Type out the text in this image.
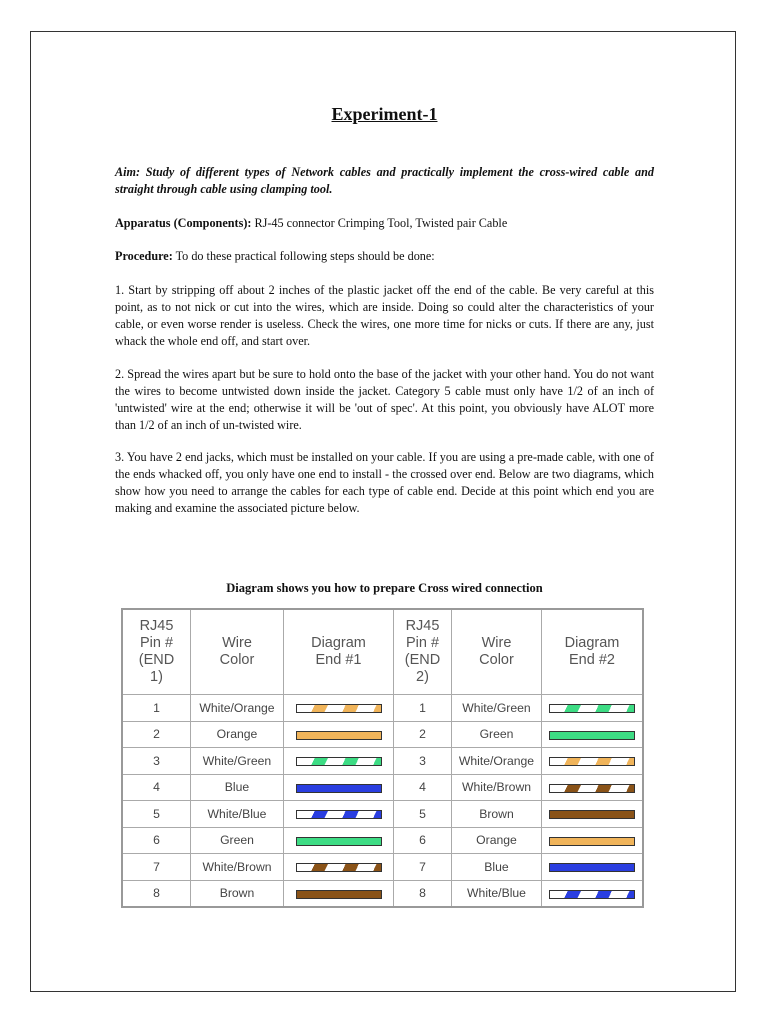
Experiment-1

Aim: Study of different types of Network cables and practically implement the cross-wired cable and straight through cable using clamping tool.

Apparatus (Components): RJ-45 connector Crimping Tool, Twisted pair Cable

Procedure: To do these practical following steps should be done:

1. Start by stripping off about 2 inches of the plastic jacket off the end of the cable. Be very careful at this point, as to not nick or cut into the wires, which are inside. Doing so could alter the characteristics of your cable, or even worse render is useless. Check the wires, one more time for nicks or cuts. If there are any, just whack the whole end off, and start over.

2. Spread the wires apart but be sure to hold onto the base of the jacket with your other hand. You do not want the wires to become untwisted down inside the jacket. Category 5 cable must only have 1/2 of an inch of 'untwisted' wire at the end; otherwise it will be 'out of spec'. At this point, you obviously have ALOT more than 1/2 of an inch of un-twisted wire.

3. You have 2 end jacks, which must be installed on your cable. If you are using a pre-made cable, with one of the ends whacked off, you only have one end to install - the crossed over end. Below are two diagrams, which show how you need to arrange the cables for each type of cable end. Decide at this point which end you are making and examine the associated picture below.

Diagram shows you how to prepare Cross wired connection
RJ45
Pin #
(END
1)	Wire
Color	Diagram
End #1	RJ45
Pin #
(END
2)	Wire
Color	Diagram
End #2
1	White/Orange		1	White/Green	
2	Orange		2	Green	
3	White/Green		3	White/Orange	
4	Blue		4	White/Brown	
5	White/Blue		5	Brown	
6	Green		6	Orange	
7	White/Brown		7	Blue	
8	Brown		8	White/Blue	
